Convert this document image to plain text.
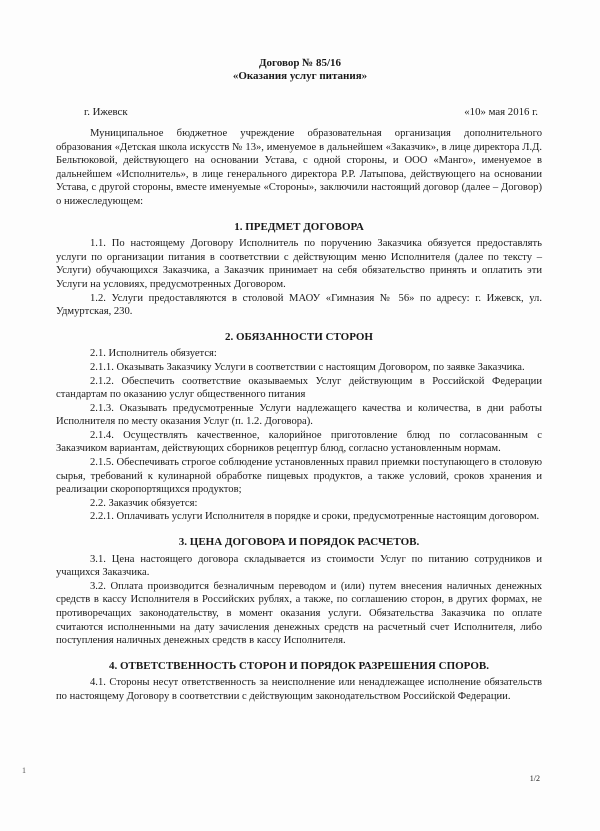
Договор № 85/16
«Оказания услуг питания»
г. Ижевск	«10» мая 2016 г.

Муниципальное бюджетное учреждение образовательная организация дополнительного образования «Детская школа искусств № 13», именуемое в дальнейшем «Заказчик», в лице директора Л.Д. Бельтюковой, действующего на основании Устава, с одной стороны, и ООО «Манго», именуемое в дальнейшем «Исполнитель», в лице генерального директора Р.Р. Латыпова, действующего на основании Устава, с другой стороны, вместе именуемые «Стороны», заключили настоящий договор (далее – Договор) о нижеследующем:

1. ПРЕДМЕТ ДОГОВОРА

1.1. По настоящему Договору Исполнитель по поручению Заказчика обязуется предоставлять услуги по организации питания в соответствии с действующим меню Исполнителя (далее по тексту – Услуги) обучающихся Заказчика, а Заказчик принимает на себя обязательство принять и оплатить эти Услуги на условиях, предусмотренных Договором.

1.2. Услуги предоставляются в столовой МАОУ «Гимназия № 56» по адресу: г. Ижевск, ул. Удмуртская, 230.

2. ОБЯЗАННОСТИ СТОРОН

2.1. Исполнитель обязуется:

2.1.1. Оказывать Заказчику Услуги в соответствии с настоящим Договором, по заявке Заказчика.

2.1.2. Обеспечить соответствие оказываемых Услуг действующим в Российской Федерации стандартам по оказанию услуг общественного питания

2.1.3. Оказывать предусмотренные Услуги надлежащего качества и количества, в дни работы Исполнителя по месту оказания Услуг (п. 1.2. Договора).

2.1.4. Осуществлять качественное, калорийное приготовление блюд по согласованным с Заказчиком вариантам, действующих сборников рецептур блюд, согласно установленным нормам.

2.1.5. Обеспечивать строгое соблюдение установленных правил приемки поступающего в столовую сырья, требований к кулинарной обработке пищевых продуктов, а также условий, сроков хранения и реализации скоропортящихся продуктов;

2.2. Заказчик обязуется:

2.2.1. Оплачивать услуги Исполнителя в порядке и сроки, предусмотренные настоящим договором.

3. ЦЕНА ДОГОВОРА И ПОРЯДОК РАСЧЕТОВ.

3.1. Цена настоящего договора складывается из стоимости Услуг по питанию сотрудников и учащихся Заказчика.

3.2. Оплата производится безналичным переводом и (или) путем внесения наличных денежных средств в кассу Исполнителя в Российских рублях, а также, по соглашению сторон, в других формах, не противоречащих законодательству, в момент оказания услуги. Обязательства Заказчика по оплате считаются исполненными на дату зачисления денежных средств на расчетный счет Исполнителя, либо поступления наличных денежных средств в кассу Исполнителя.

4. ОТВЕТСТВЕННОСТЬ СТОРОН И ПОРЯДОК РАЗРЕШЕНИЯ СПОРОВ.

4.1. Стороны несут ответственность за неисполнение или ненадлежащее исполнение обязательств по настоящему Договору в соответствии с действующим законодательством Российской Федерации.

1
1/2
